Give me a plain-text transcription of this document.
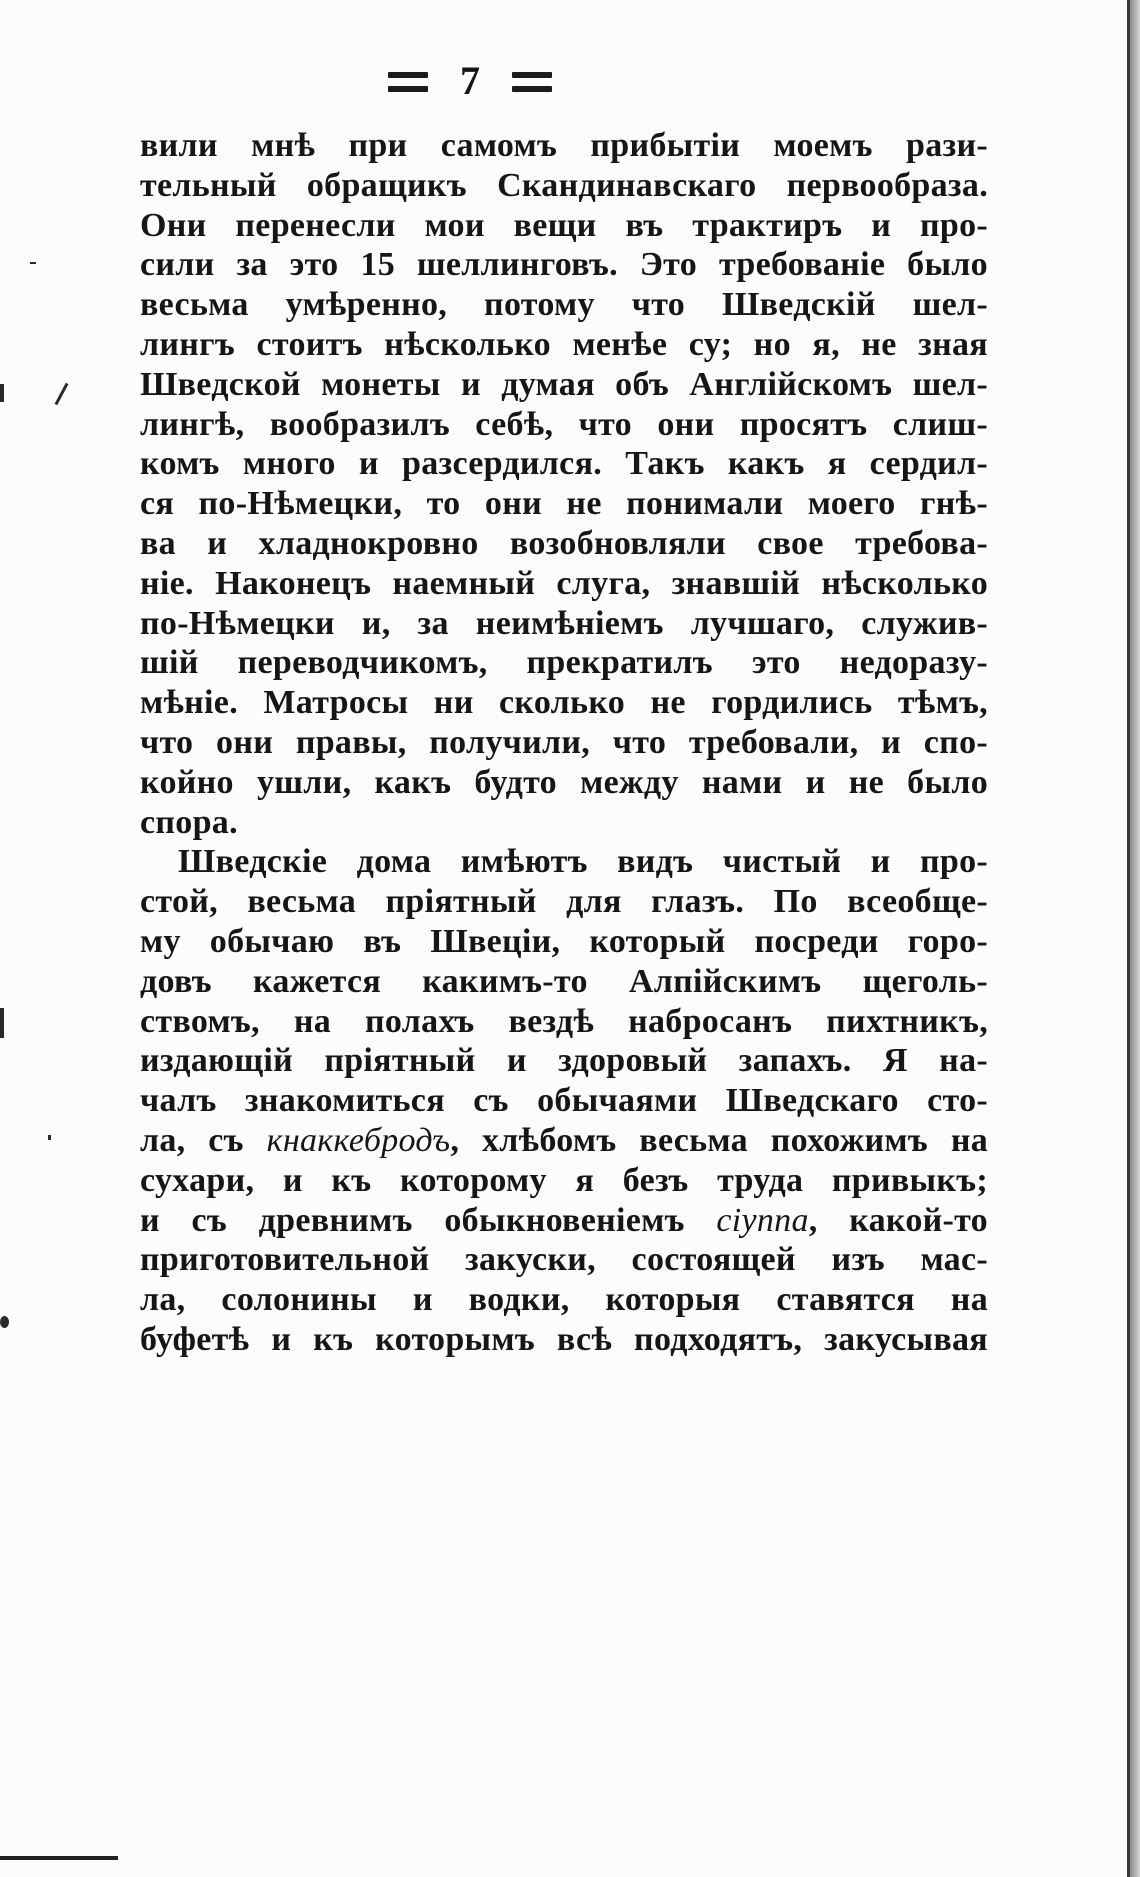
7
вили мнѣ при самомъ прибытіи моемъ рази-
тельный обращикъ Скандинавскаго первообраза.
Они перенесли мои вещи въ трактиръ и про-
сили за это 15 шеллинговъ. Это требованіе было
весьма умѣренно, потому что Шведскій шел-
лингъ стоитъ нѣсколько менѣе су; но я, не зная
Шведской монеты и думая объ Англійскомъ шел-
лингѣ, вообразилъ себѣ, что они просятъ слиш-
комъ много и разсердился. Такъ какъ я сердил-
ся по-Нѣмецки, то они не понимали моего гнѣ-
ва и хладнокровно возобновляли свое требова-
ніе. Наконецъ наемный слуга, знавшій нѣсколько
по-Нѣмецки и, за неимѣніемъ лучшаго, служив-
шій переводчикомъ, прекратилъ это недоразу-
мѣніе. Матросы ни сколько не гордились тѣмъ,
что они правы, получили, что требовали, и спо-
койно ушли, какъ будто между нами и не было
спора.
Шведскіе дома имѣютъ видъ чистый и про-
стой, весьма пріятный для глазъ. По всеобще-
му обычаю въ Швеціи, который посреди горо-
довъ кажется какимъ-то Алпійскимъ щеголь-
ствомъ, на полахъ вездѣ набросанъ пихтникъ,
издающій пріятный и здоровый запахъ. Я на-
чалъ знакомиться съ обычаями Шведскаго сто-
ла, съ кнаккебродъ, хлѣбомъ весьма похожимъ на
сухари, и къ которому я безъ труда привыкъ;
и съ древнимъ обыкновеніемъ сіуппа, какой-то
приготовительной закуски, состоящей изъ мас-
ла, солонины и водки, которыя ставятся на
буфетѣ и къ которымъ всѣ подходятъ, закусывая
